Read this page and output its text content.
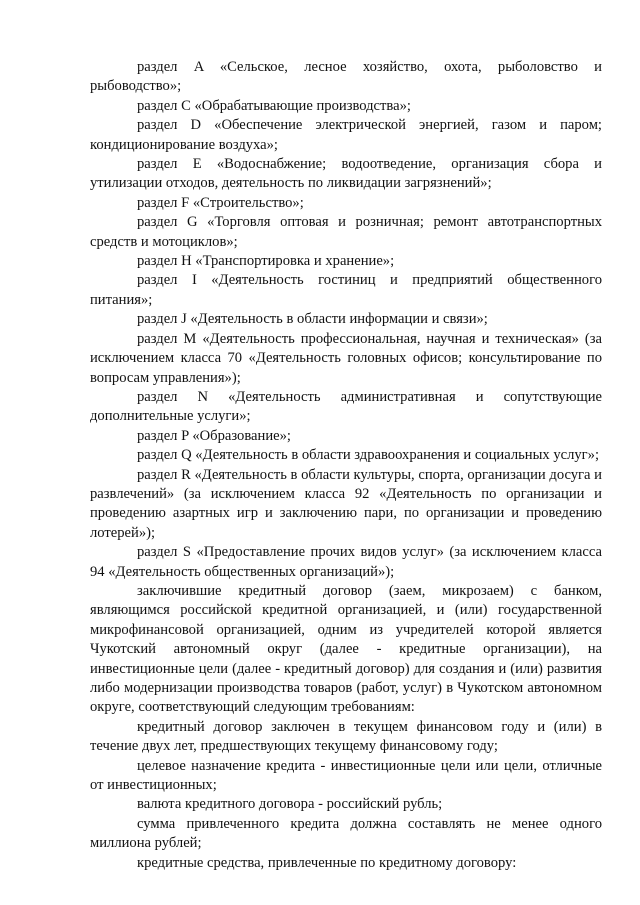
раздел A «Сельское, лесное хозяйство, охота, рыболовство и рыбоводство»;

раздел C «Обрабатывающие производства»;

раздел D «Обеспечение электрической энергией, газом и паром; кондиционирование воздуха»;

раздел E «Водоснабжение; водоотведение, организация сбора и утилизации отходов, деятельность по ликвидации загрязнений»;

раздел F «Строительство»;

раздел G «Торговля оптовая и розничная; ремонт автотранспортных средств и мотоциклов»;

раздел H «Транспортировка и хранение»;

раздел I «Деятельность гостиниц и предприятий общественного питания»;

раздел J «Деятельность в области информации и связи»;

раздел M «Деятельность профессиональная, научная и техническая» (за исключением класса 70 «Деятельность головных офисов; консультирование по вопросам управления»);

раздел N «Деятельность административная и сопутствующие дополнительные услуги»;

раздел P «Образование»;

раздел Q «Деятельность в области здравоохранения и социальных услуг»;

раздел R «Деятельность в области культуры, спорта, организации досуга и развлечений» (за исключением класса 92 «Деятельность по организации и проведению азартных игр и заключению пари, по организации и проведению лотерей»);

раздел S «Предоставление прочих видов услуг» (за исключением класса 94 «Деятельность общественных организаций»);

заключившие кредитный договор (заем, микрозаем) с банком, являющимся российской кредитной организацией, и (или) государственной микрофинансовой организацией, одним из учредителей которой является Чукотский автономный округ (далее - кредитные организации), на инвестиционные цели (далее - кредитный договор) для создания и (или) развития либо модернизации производства товаров (работ, услуг) в Чукотском автономном округе, соответствующий следующим требованиям:

кредитный договор заключен в текущем финансовом году и (или) в течение двух лет, предшествующих текущему финансовому году;

целевое назначение кредита - инвестиционные цели или цели, отличные от инвестиционных;

валюта кредитного договора - российский рубль;

сумма привлеченного кредита должна составлять не менее одного миллиона рублей;

кредитные средства, привлеченные по кредитному договору:
